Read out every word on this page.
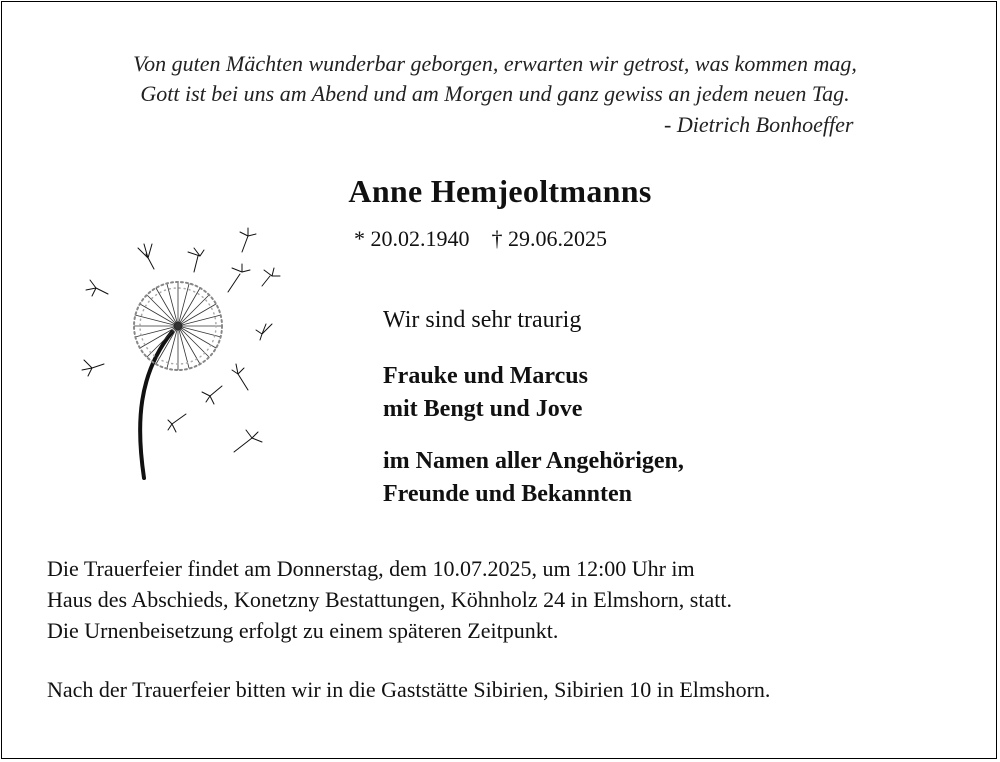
Von guten Mächten wunderbar geborgen, erwarten wir getrost, was kommen mag,
Gott ist bei uns am Abend und am Morgen und ganz gewiss an jedem neuen Tag.
- Dietrich Bonhoeffer
Anne Hemjeoltmanns
* 20.02.1940 † 29.06.2025
Wir sind sehr traurig
Frauke und Marcus
mit Bengt und Jove
im Namen aller Angehörigen,
Freunde und Bekannten
Die Trauerfeier findet am Donnerstag, dem 10.07.2025, um 12:00 Uhr im
Haus des Abschieds, Konetzny Bestattungen, Köhnholz 24 in Elmshorn, statt.
Die Urnenbeisetzung erfolgt zu einem späteren Zeitpunkt.
Nach der Trauerfeier bitten wir in die Gaststätte Sibirien, Sibirien 10 in Elmshorn.
